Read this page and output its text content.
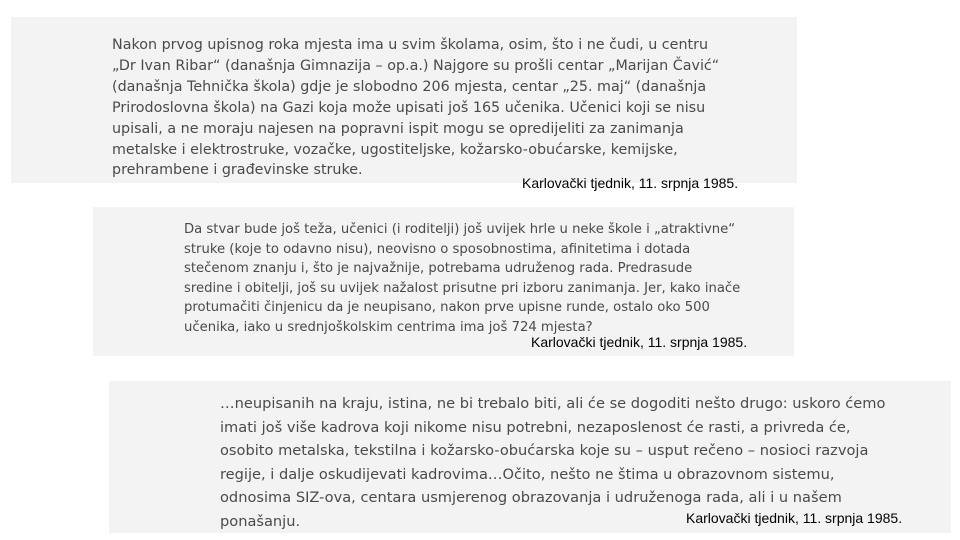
Nakon prvog upisnog roka mjesta ima u svim školama, osim, što i ne čudi, u centru „Dr Ivan Ribar“ (današnja Gimnazija – op.a.) Najgore su prošli centar „Marijan Čavić“ (današnja Tehnička škola) gdje je slobodno 206 mjesta, centar „25. maj“ (današnja Prirodoslovna škola) na Gazi koja može upisati još 165 učenika. Učenici koji se nisu upisali, a ne moraju najesen na popravni ispit mogu se opredijeliti za zanimanja metalske i elektrostruke, vozačke, ugostiteljske, kožarsko-obućarske, kemijske, prehrambene i građevinske struke.

Karlovački tjednik, 11. srpnja 1985.

Da stvar bude još teža, učenici (i roditelji) još uvijek hrle u neke škole i „atraktivne“ struke (koje to odavno nisu), neovisno o sposobnostima, afinitetima i dotada stečenom znanju i, što je najvažnije, potrebama udruženog rada. Predrasude sredine i obitelji, još su uvijek nažalost prisutne pri izboru zanimanja. Jer, kako inače protumačiti činjenicu da je neupisano, nakon prve upisne runde, ostalo oko 500 učenika, iako u srednjoškolskim centrima ima još 724 mjesta?

Karlovački tjednik, 11. srpnja 1985.

…neupisanih na kraju, istina, ne bi trebalo biti, ali će se dogoditi nešto drugo: uskoro ćemo imati još više kadrova koji nikome nisu potrebni, nezaposlenost će rasti, a privreda će, osobito metalska, tekstilna i kožarsko-obućarska koje su – usput rečeno – nosioci razvoja regije, i dalje oskudijevati kadrovima…Očito, nešto ne štima u obrazovnom sistemu, odnosima SIZ-ova, centara usmjerenog obrazovanja i udruženoga rada, ali i u našem ponašanju.	Karlovački tjednik, 11. srpnja 1985.
